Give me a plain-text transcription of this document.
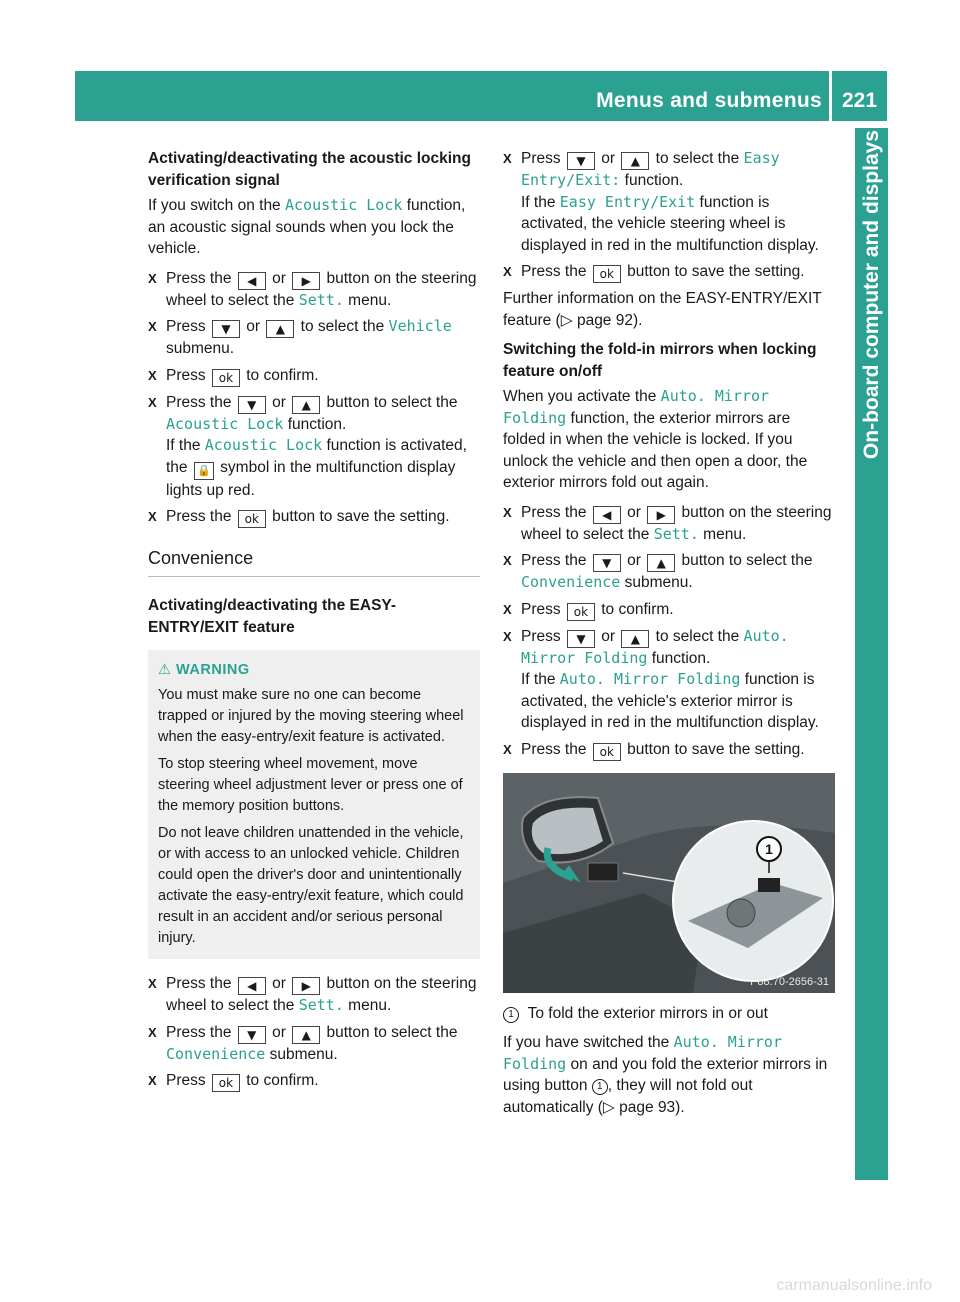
Menus and submenus 221
On-board computer and displays
Activating/deactivating the acoustic locking verification signal

If you switch on the Acoustic Lock function, an acoustic signal sounds when you lock the vehicle.

X Press the ◀ or ▶ button on the steering wheel to select the Sett. menu.
X Press ▼ or ▲ to select the Vehicle submenu.
X Press ok to confirm.
X Press the ▼ or ▲ button to select the Acoustic Lock function.
If the Acoustic Lock function is activated, the 🔒 symbol in the multifunction display lights up red.
X Press the ok button to save the setting.
Convenience
Activating/deactivating the EASY-ENTRY/EXIT feature
⚠ WARNING

You must make sure no one can become trapped or injured by the moving steering wheel when the easy-entry/exit feature is activated.

To stop steering wheel movement, move steering wheel adjustment lever or press one of the memory position buttons.

Do not leave children unattended in the vehicle, or with access to an unlocked vehicle. Children could open the driver's door and unintentionally activate the easy-entry/exit feature, which could result in an accident and/or serious personal injury.

X Press the ◀ or ▶ button on the steering wheel to select the Sett. menu.
X Press the ▼ or ▲ button to select the Convenience submenu.
X Press ok to confirm.
X Press ▼ or ▲ to select the Easy Entry/Exit: function.
If the Easy Entry/Exit function is activated, the vehicle steering wheel is displayed in red in the multifunction display.
X Press the ok button to save the setting.

Further information on the EASY-ENTRY/EXIT feature (▷ page 92).

Switching the fold-in mirrors when locking feature on/off

When you activate the Auto. Mirror Folding function, the exterior mirrors are folded in when the vehicle is locked. If you unlock the vehicle and then open a door, the exterior mirrors fold out again.

X Press the ◀ or ▶ button on the steering wheel to select the Sett. menu.
X Press the ▼ or ▲ button to select the Convenience submenu.
X Press ok to confirm.
X Press ▼ or ▲ to select the Auto. Mirror Folding function.
If the Auto. Mirror Folding function is activated, the vehicle's exterior mirror is displayed in red in the multifunction display.
X Press the ok button to save the setting.
1
P88.70-2656-31

1 To fold the exterior mirrors in or out

If you have switched the Auto. Mirror Folding on and you fold the exterior mirrors in using button 1 , they will not fold out automatically (▷ page 93).

carmanualsonline.info
